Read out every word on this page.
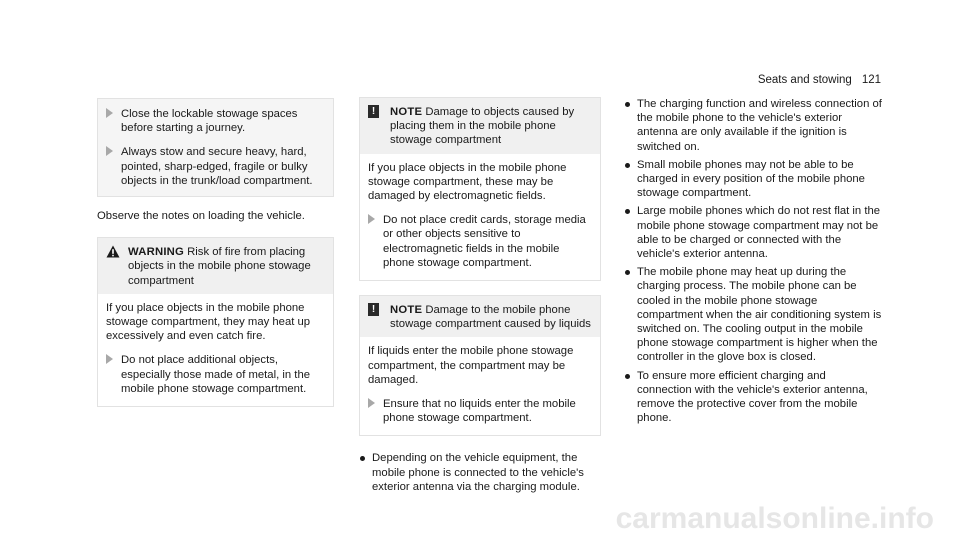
Seats and stowing 121
Close the lockable stowage spaces before starting a journey.
Always stow and secure heavy, hard, pointed, sharp-edged, fragile or bulky objects in the trunk/load compartment.

Observe the notes on loading the vehicle.

WARNING Risk of fire from placing objects in the mobile phone stowage compartment

If you place objects in the mobile phone stowage compartment, they may heat up excessively and even catch fire.

Do not place additional objects, especially those made of metal, in the mobile phone stowage compartment.
!	NOTE Damage to objects caused by placing them in the mobile phone stowage compartment

If you place objects in the mobile phone stowage compartment, these may be damaged by electromagnetic fields.

Do not place credit cards, storage media or other objects sensitive to electromagnetic fields in the mobile phone stowage compartment.
!	NOTE Damage to the mobile phone stowage compartment caused by liquids

If liquids enter the mobile phone stowage compartment, the compartment may be damaged.

Ensure that no liquids enter the mobile phone stowage compartment.
Depending on the vehicle equipment, the mobile phone is connected to the vehicle's exterior antenna via the charging module.
The charging function and wireless connection of the mobile phone to the vehicle's exterior antenna are only available if the ignition is switched on.
Small mobile phones may not be able to be charged in every position of the mobile phone stowage compartment.
Large mobile phones which do not rest flat in the mobile phone stowage compartment may not be able to be charged or connected with the vehicle's exterior antenna.
The mobile phone may heat up during the charging process. The mobile phone can be cooled in the mobile phone stowage compartment when the air conditioning system is switched on. The cooling output in the mobile phone stowage compartment is higher when the controller in the glove box is closed.
To ensure more efficient charging and connection with the vehicle's exterior antenna, remove the protective cover from the mobile phone.
carmanualsonline.info
